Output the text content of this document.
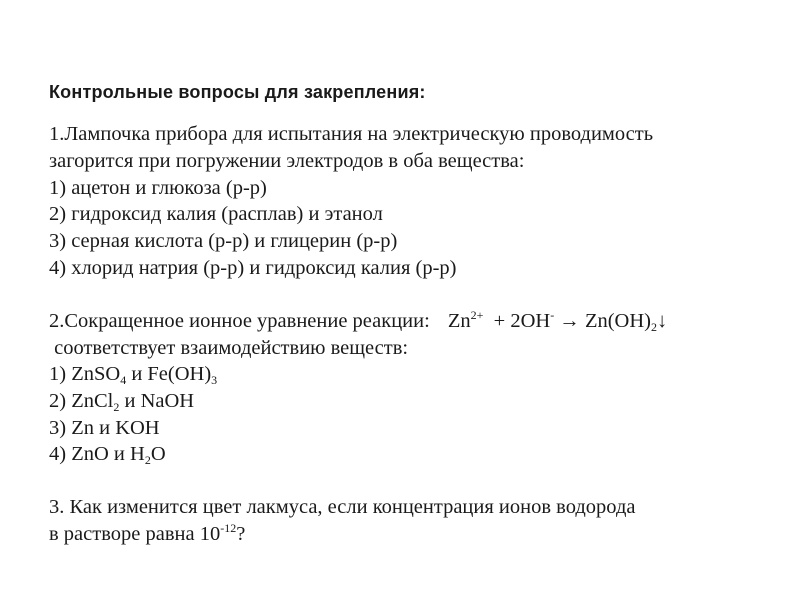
Контрольные вопросы для закрепления:
1.Лампочка прибора для испытания на электрическую проводимость
загорится при погружении электродов в оба вещества:
1) ацетон и глюкоза (р-р)
2) гидроксид калия (расплав) и этанол
3) серная кислота (р-р) и глицерин (р-р)
4) хлорид натрия (р-р) и гидроксид калия (р-р)
2.Сокращенное ионное уравнение реакции: $Zn^{2+} + 2OH^-$ → $Zn(OH)_2↓$
соответствует взаимодействию веществ:
1) ZnSO$_4$ и $Fe(OH)_3$
2) ZnCl$_2$ и NaOH
3) Zn и KOH
4) ZnO и $H_2O$
3. Как изменится цвет лакмуса, если концентрация ионов водорода
в растворе равна $10^{-12}$?
